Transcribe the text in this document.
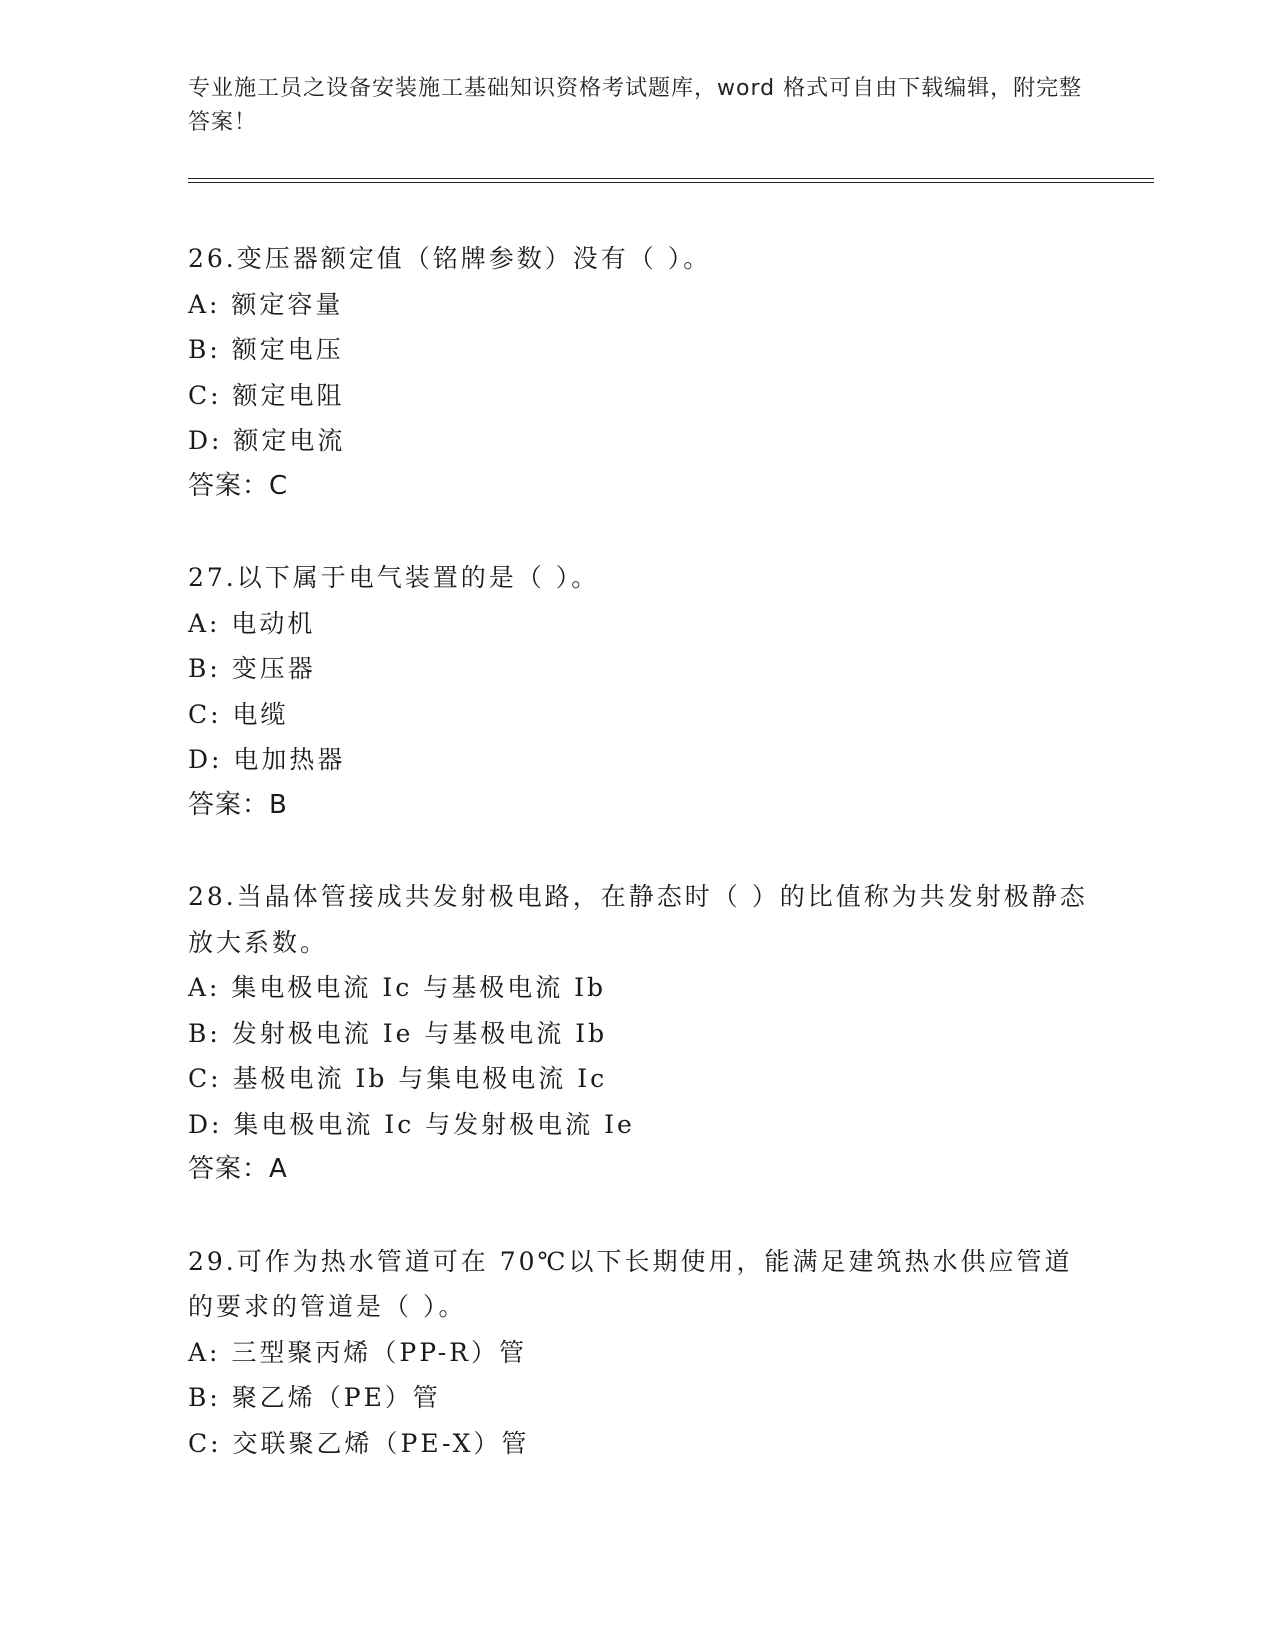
专业施工员之设备安装施工基础知识资格考试题库，word 格式可自由下载编辑，附完整答案！
26.变压器额定值（铭牌参数）没有（ ）。
A: 额定容量
B: 额定电压
C: 额定电阻
D: 额定电流
答案：C
27.以下属于电气装置的是（ ）。
A: 电动机
B: 变压器
C: 电缆
D: 电加热器
答案：B
28.当晶体管接成共发射极电路，在静态时（ ）的比值称为共发射极静态放大系数。
A: 集电极电流 Ic 与基极电流 Ib
B: 发射极电流 Ie 与基极电流 Ib
C: 基极电流 Ib 与集电极电流 Ic
D: 集电极电流 Ic 与发射极电流 Ie
答案：A
29.可作为热水管道可在 70℃以下长期使用，能满足建筑热水供应管道的要求的管道是（ ）。
A: 三型聚丙烯（PP-R）管
B: 聚乙烯（PE）管
C: 交联聚乙烯（PE-X）管
